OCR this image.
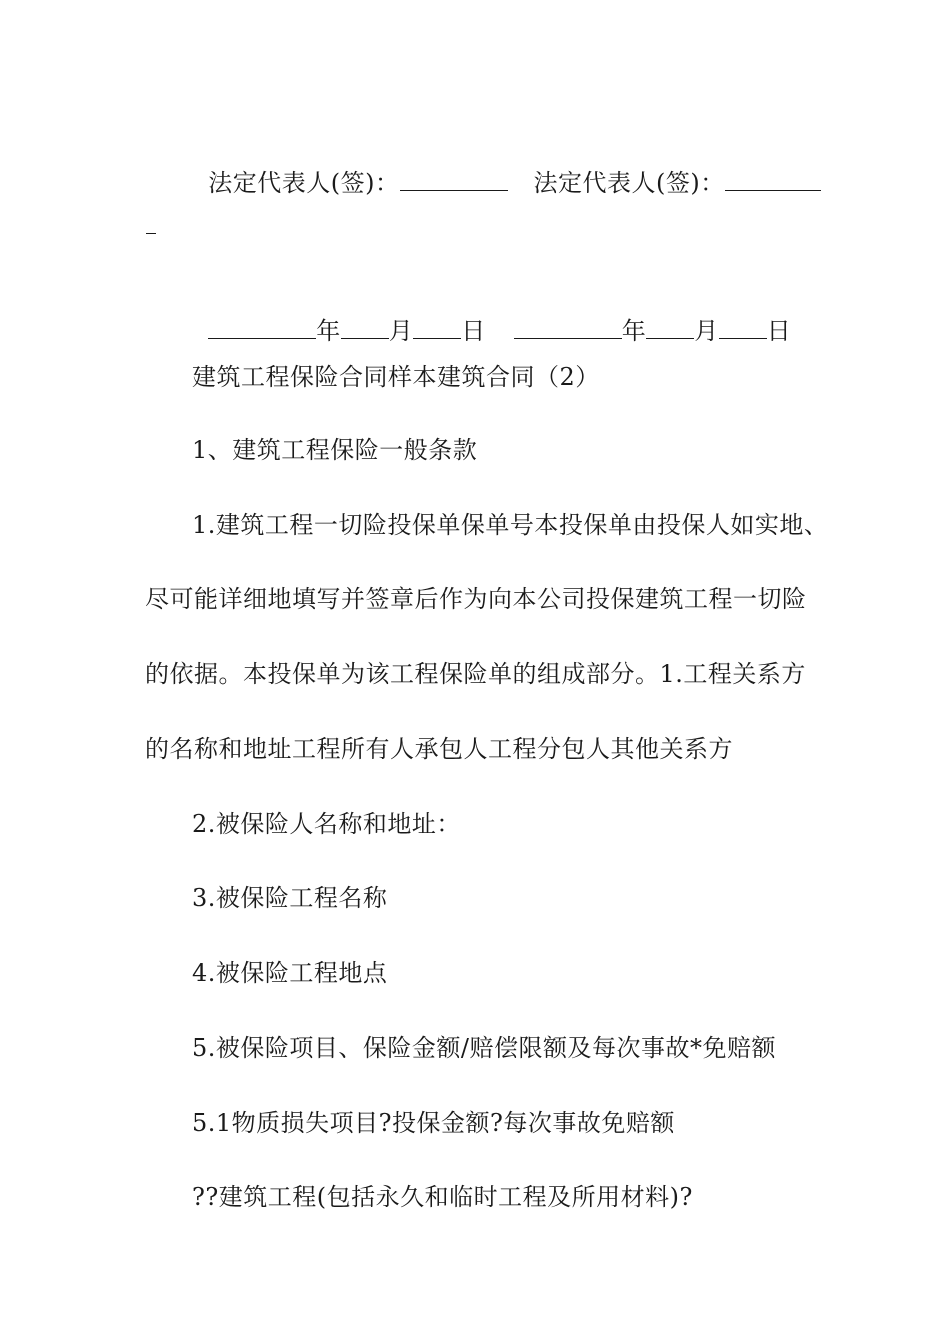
法定代表人(签)：	法定代表人(签)：

年 月 日	年 月 日

建筑工程保险合同样本建筑合同（2）
1、建筑工程保险一般条款
1.建筑工程一切险投保单保单号本投保单由投保人如实地、
尽可能详细地填写并签章后作为向本公司投保建筑工程一切险
的依据。本投保单为该工程保险单的组成部分。1.工程关系方
的名称和地址工程所有人承包人工程分包人其他关系方
2.被保险人名称和地址：
3.被保险工程名称
4.被保险工程地点
5.被保险项目、保险金额/赔偿限额及每次事故*免赔额
5.1物质损失项目?投保金额?每次事故免赔额
??建筑工程(包括永久和临时工程及所用材料)?
